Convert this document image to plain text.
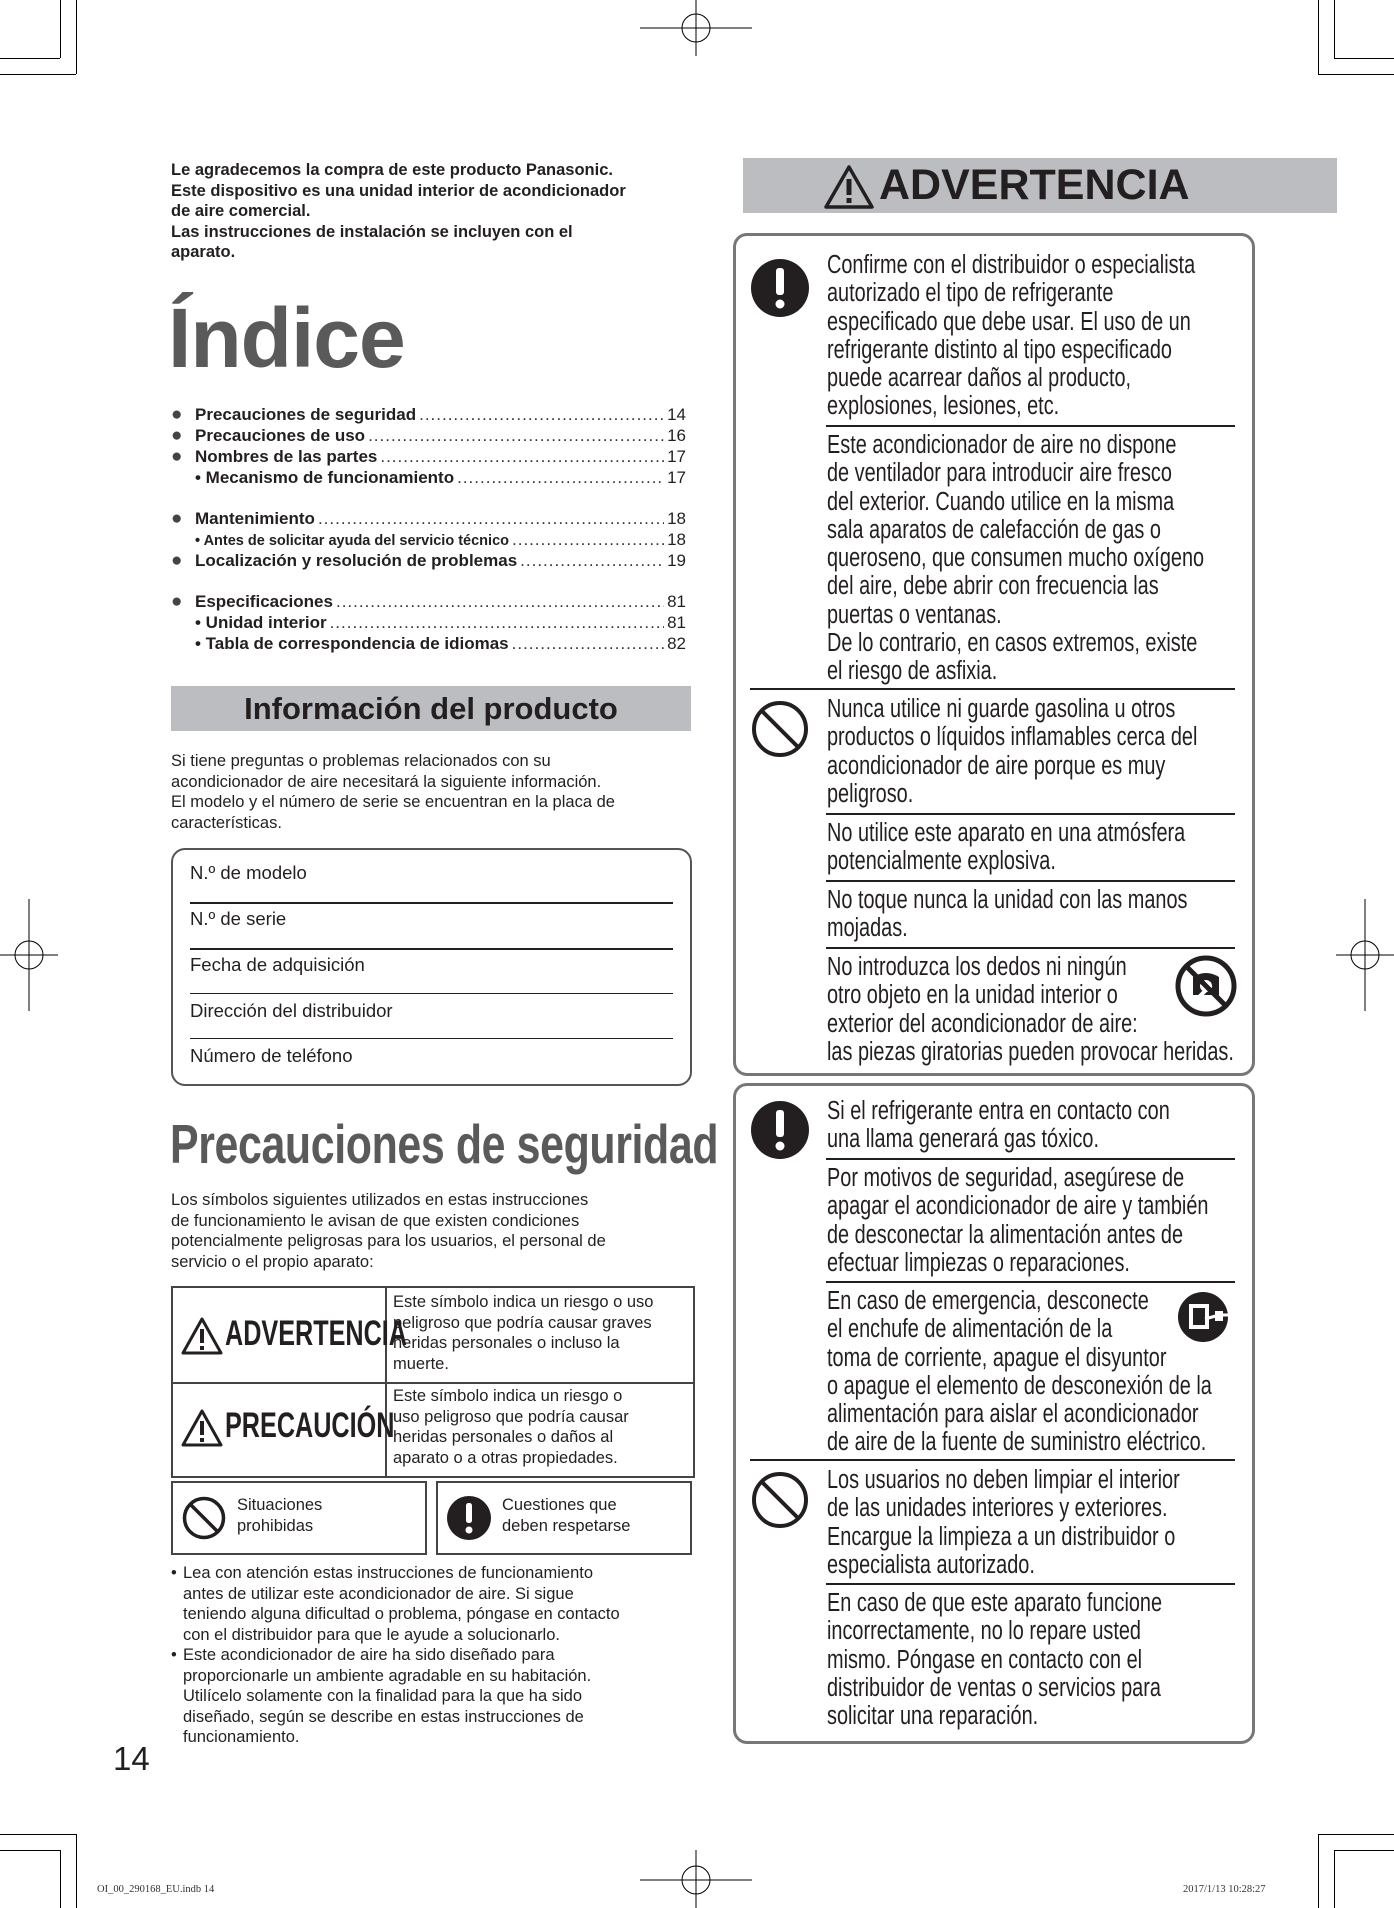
Le agradecemos la compra de este producto Panasonic.
Este dispositivo es una unidad interior de acondicionador
de aire comercial.
Las instrucciones de instalación se incluyen con el
aparato.
Índice
● Precauciones de seguridad .....	14
● Precauciones de uso .....	16
● Nombres de las partes .....	17
• Mecanismo de funcionamiento .....	17
● Mantenimiento .....	18
• Antes de solicitar ayuda del servicio técnico .....	18
● Localización y resolución de problemas .....	19
● Especificaciones .....	81
• Unidad interior .....	81
• Tabla de correspondencia de idiomas .....	82
Información del producto
Si tiene preguntas o problemas relacionados con su
acondicionador de aire necesitará la siguiente información.
El modelo y el número de serie se encuentran en la placa de
características.
N.º de modelo
N.º de serie
Fecha de adquisición
Dirección del distribuidor
Número de teléfono
Precauciones de seguridad
Los símbolos siguientes utilizados en estas instrucciones
de funcionamiento le avisan de que existen condiciones
potencialmente peligrosas para los usuarios, el personal de
servicio o el propio aparato:
ADVERTENCIA
Este símbolo indica un riesgo o uso
peligroso que podría causar graves
heridas personales o incluso la
muerte.
PRECAUCIÓN
Este símbolo indica un riesgo o
uso peligroso que podría causar
heridas personales o daños al
aparato o a otras propiedades.
Situaciones
prohibidas
Cuestiones que
deben respetarse
• Lea con atención estas instrucciones de funcionamiento
antes de utilizar este acondicionador de aire. Si sigue
teniendo alguna dificultad o problema, póngase en contacto
con el distribuidor para que le ayude a solucionarlo.
• Este acondicionador de aire ha sido diseñado para
proporcionarle un ambiente agradable en su habitación.
Utilícelo solamente con la finalidad para la que ha sido
diseñado, según se describe en estas instrucciones de
funcionamiento.
14
ADVERTENCIA
Confirme con el distribuidor o especialista
autorizado el tipo de refrigerante
especificado que debe usar. El uso de un
refrigerante distinto al tipo especificado
puede acarrear daños al producto,
explosiones, lesiones, etc.
Este acondicionador de aire no dispone
de ventilador para introducir aire fresco
del exterior. Cuando utilice en la misma
sala aparatos de calefacción de gas o
queroseno, que consumen mucho oxígeno
del aire, debe abrir con frecuencia las
puertas o ventanas.
De lo contrario, en casos extremos, existe
el riesgo de asfixia.
Nunca utilice ni guarde gasolina u otros
productos o líquidos inflamables cerca del
acondicionador de aire porque es muy
peligroso.
No utilice este aparato en una atmósfera
potencialmente explosiva.
No toque nunca la unidad con las manos
mojadas.
No introduzca los dedos ni ningún
otro objeto en la unidad interior o
exterior del acondicionador de aire:
las piezas giratorias pueden provocar heridas.
Si el refrigerante entra en contacto con
una llama generará gas tóxico.
Por motivos de seguridad, asegúrese de
apagar el acondicionador de aire y también
de desconectar la alimentación antes de
efectuar limpiezas o reparaciones.
En caso de emergencia, desconecte
el enchufe de alimentación de la
toma de corriente, apague el disyuntor
o apague el elemento de desconexión de la
alimentación para aislar el acondicionador
de aire de la fuente de suministro eléctrico.
Los usuarios no deben limpiar el interior
de las unidades interiores y exteriores.
Encargue la limpieza a un distribuidor o
especialista autorizado.
En caso de que este aparato funcione
incorrectamente, no lo repare usted
mismo. Póngase en contacto con el
distribuidor de ventas o servicios para
solicitar una reparación.
OI_00_290168_EU.indb 14	2017/1/13 10:28:27
